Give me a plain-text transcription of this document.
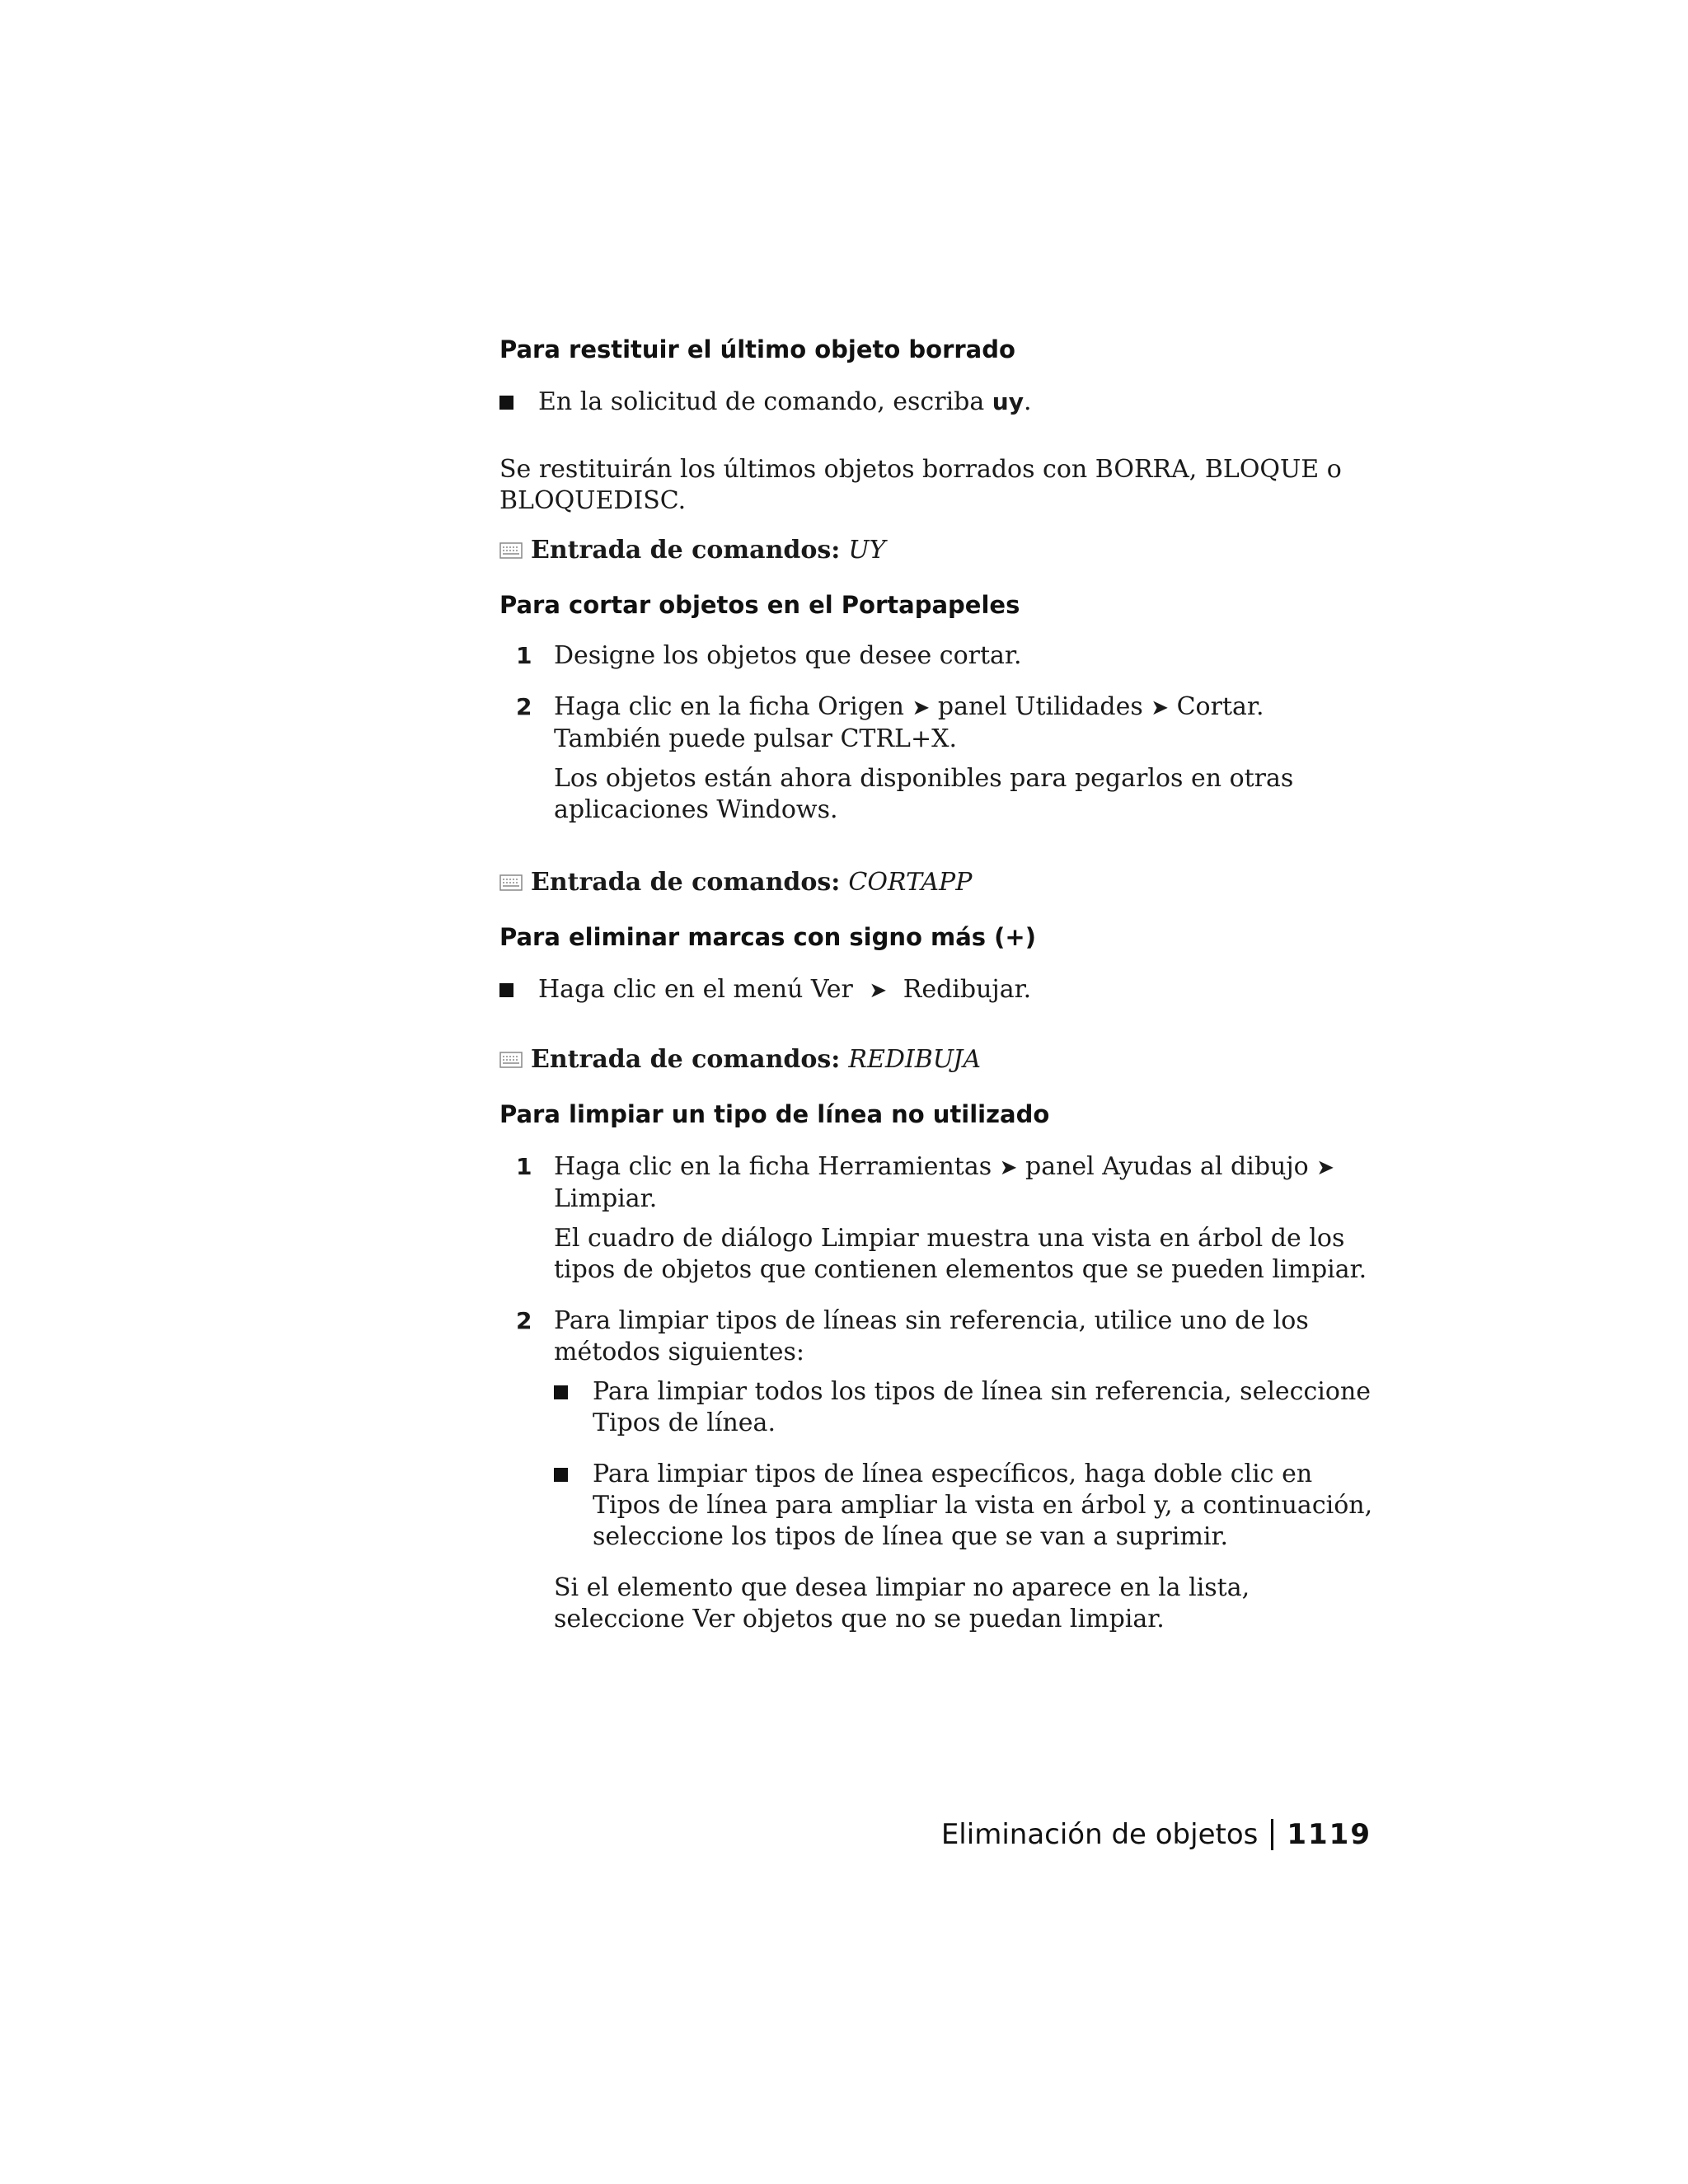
Para restituir el último objeto borrado

En la solicitud de comando, escriba uy.

Se restituirán los últimos objetos borrados con BORRA, BLOQUE o BLOQUEDISC.

Entrada de comandos: UY
Para cortar objetos en el Portapapeles
1 Designe los objetos que desee cortar.

2 Haga clic en la ficha Origen ➤ panel Utilidades ➤ Cortar. También puede pulsar CTRL+X.

Los objetos están ahora disponibles para pegarlos en otras aplicaciones Windows.

Entrada de comandos: CORTAPP
Para eliminar marcas con signo más (+)

Haga clic en el menú Ver ➤ Redibujar.

Entrada de comandos: REDIBUJA
Para limpiar un tipo de línea no utilizado
1 Haga clic en la ficha Herramientas ➤ panel Ayudas al dibujo ➤ Limpiar.

El cuadro de diálogo Limpiar muestra una vista en árbol de los tipos de objetos que contienen elementos que se pueden limpiar.

2 Para limpiar tipos de líneas sin referencia, utilice uno de los métodos siguientes:

Para limpiar todos los tipos de línea sin referencia, seleccione Tipos de línea.

Para limpiar tipos de línea específicos, haga doble clic en Tipos de línea para ampliar la vista en árbol y, a continuación, seleccione los tipos de línea que se van a suprimir.

Si el elemento que desea limpiar no aparece en la lista, seleccione Ver objetos que no se puedan limpiar.

Eliminación de objetos 1119
